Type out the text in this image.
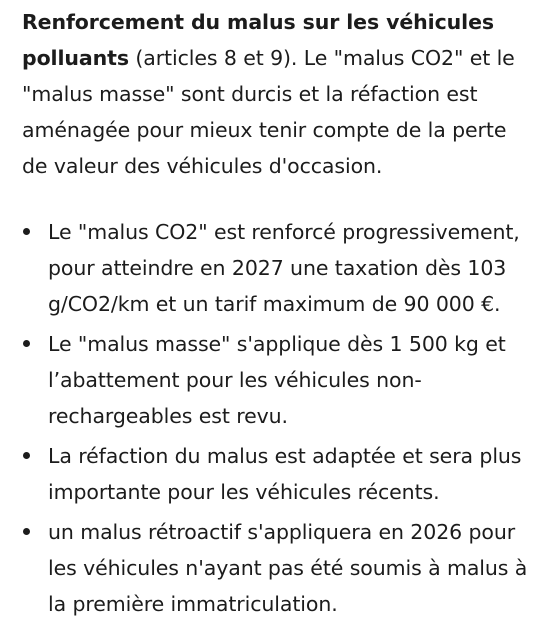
Renforcement du malus sur les véhicules polluants (articles 8 et 9). Le "malus CO2" et le "malus masse" sont durcis et la réfaction est aménagée pour mieux tenir compte de la perte de valeur des véhicules d'occasion.

Le "malus CO2" est renforcé progressivement, pour atteindre en 2027 une taxation dès 103 g/CO2/km et un tarif maximum de 90 000 €.
Le "malus masse" s'applique dès 1 500 kg et l’abattement pour les véhicules non-rechargeables est revu.
La réfaction du malus est adaptée et sera plus importante pour les véhicules récents.
un malus rétroactif s'appliquera en 2026 pour les véhicules n'ayant pas été soumis à malus à la première immatriculation.
